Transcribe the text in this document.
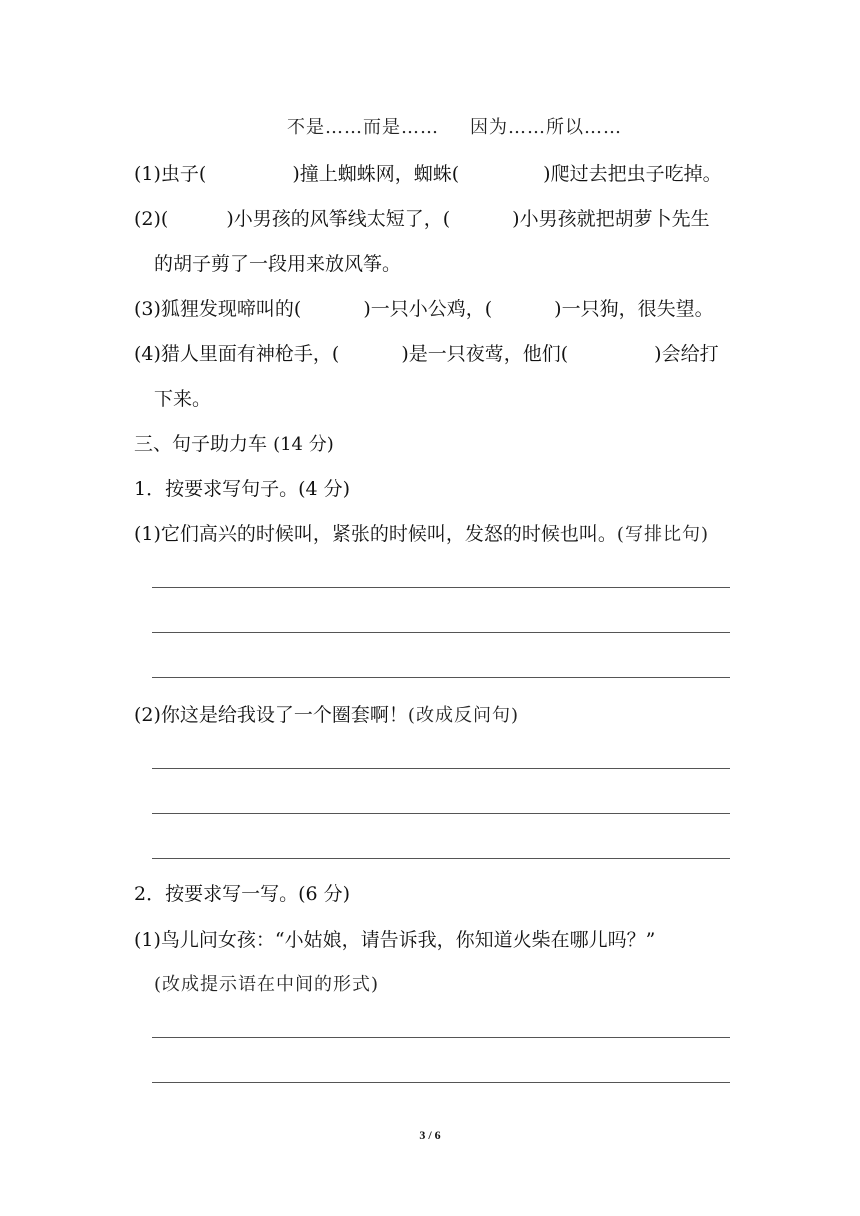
不是……而是…… 因为……所以……
(1)虫子(	)撞上蜘蛛网，蜘蛛(	)爬过去把虫子吃掉。
(2)(	)小男孩的风筝线太短了，(	)小男孩就把胡萝卜先生
的胡子剪了一段用来放风筝。
(3)狐狸发现啼叫的(	)一只小公鸡，(	)一只狗，很失望。
(4)猎人里面有神枪手，(	)是一只夜莺，他们(	)会给打
下来。
三、句子助力车 (14 分)
1．按要求写句子。(4 分)
(1)它们高兴的时候叫，紧张的时候叫，发怒的时候也叫。(写排比句)
(2)你这是给我设了一个圈套啊！(改成反问句)
2．按要求写一写。(6 分)
(1)鸟儿问女孩：“小姑娘，请告诉我，你知道火柴在哪儿吗？”
(改成提示语在中间的形式)
3 / 6
